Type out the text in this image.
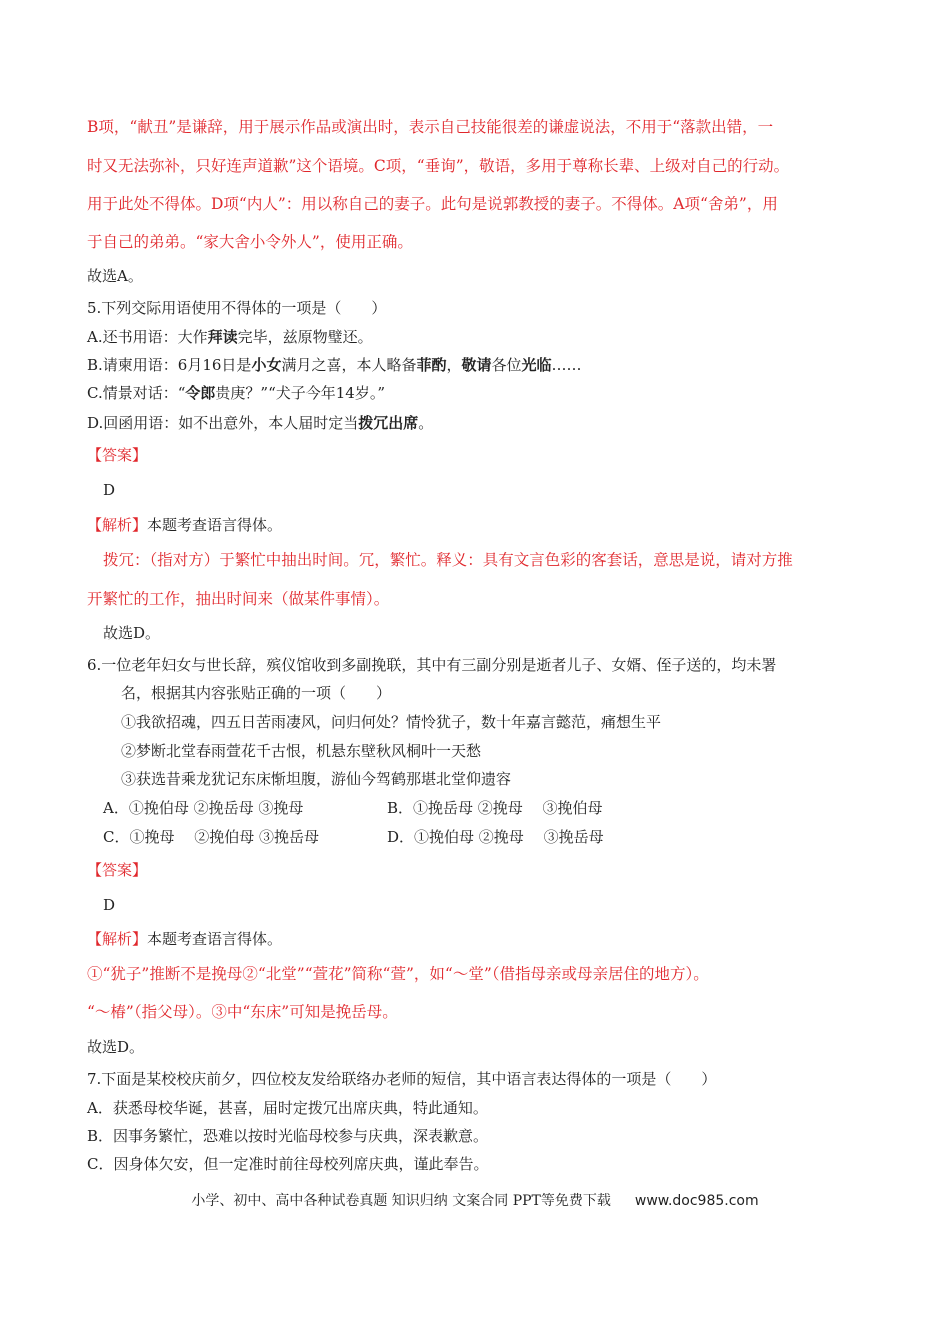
B项，“献丑”是谦辞，用于展示作品或演出时，表示自己技能很差的谦虚说法，不用于“落款出错，一
时又无法弥补，只好连声道歉”这个语境。C项，“垂询”，敬语，多用于尊称长辈、上级对自己的行动。
用于此处不得体。D项“内人”：用以称自己的妻子。此句是说郭教授的妻子。不得体。A项“舍弟”，用
于自己的弟弟。“家大舍小令外人”，使用正确。
故选A。
5.下列交际用语使用不得体的一项是（　　）
A.还书用语：大作拜读完毕，兹原物璧还。
B.请柬用语：6月16日是小女满月之喜，本人略备菲酌，敬请各位光临……
C.情景对话：“令郎贵庚？”“犬子今年14岁。”
D.回函用语：如不出意外，本人届时定当拨冗出席。
【答案】
D
【解析】本题考查语言得体。
拨冗：（指对方）于繁忙中抽出时间。冗，繁忙。释义：具有文言色彩的客套话，意思是说，请对方推
开繁忙的工作，抽出时间来（做某件事情）。
故选D。
6.一位老年妇女与世长辞，殡仪馆收到多副挽联，其中有三副分别是逝者儿子、女婿、侄子送的，均未署
名，根据其内容张贴正确的一项（　　）
①我欲招魂，四五日苦雨凄风，问归何处？情怜犹子，数十年嘉言懿范，痛想生平
②梦断北堂春雨萱花千古恨，机悬东壁秋风桐叶一天愁
③获选昔乘龙犹记东床惭坦腹，游仙今驾鹤那堪北堂仰遗容
A．①挽伯母 ②挽岳母 ③挽母	B．①挽岳母 ②挽母　 ③挽伯母
C．①挽母　 ②挽伯母 ③挽岳母	D．①挽伯母 ②挽母　 ③挽岳母
【答案】
D
【解析】本题考查语言得体。
①“犹子”推断不是挽母②“北堂”“萱花”简称“萱”，如“～堂”（借指母亲或母亲居住的地方）。
“～椿”（指父母）。③中“东床”可知是挽岳母。
故选D。
7.下面是某校校庆前夕，四位校友发给联络办老师的短信，其中语言表达得体的一项是（　　）
A．获悉母校华诞，甚喜，届时定拨冗出席庆典，特此通知。
B．因事务繁忙，恐难以按时光临母校参与庆典，深表歉意。
C．因身体欠安，但一定准时前往母校列席庆典，谨此奉告。
小学、初中、高中各种试卷真题 知识归纳 文案合同 PPT等免费下载 www.doc985.com
